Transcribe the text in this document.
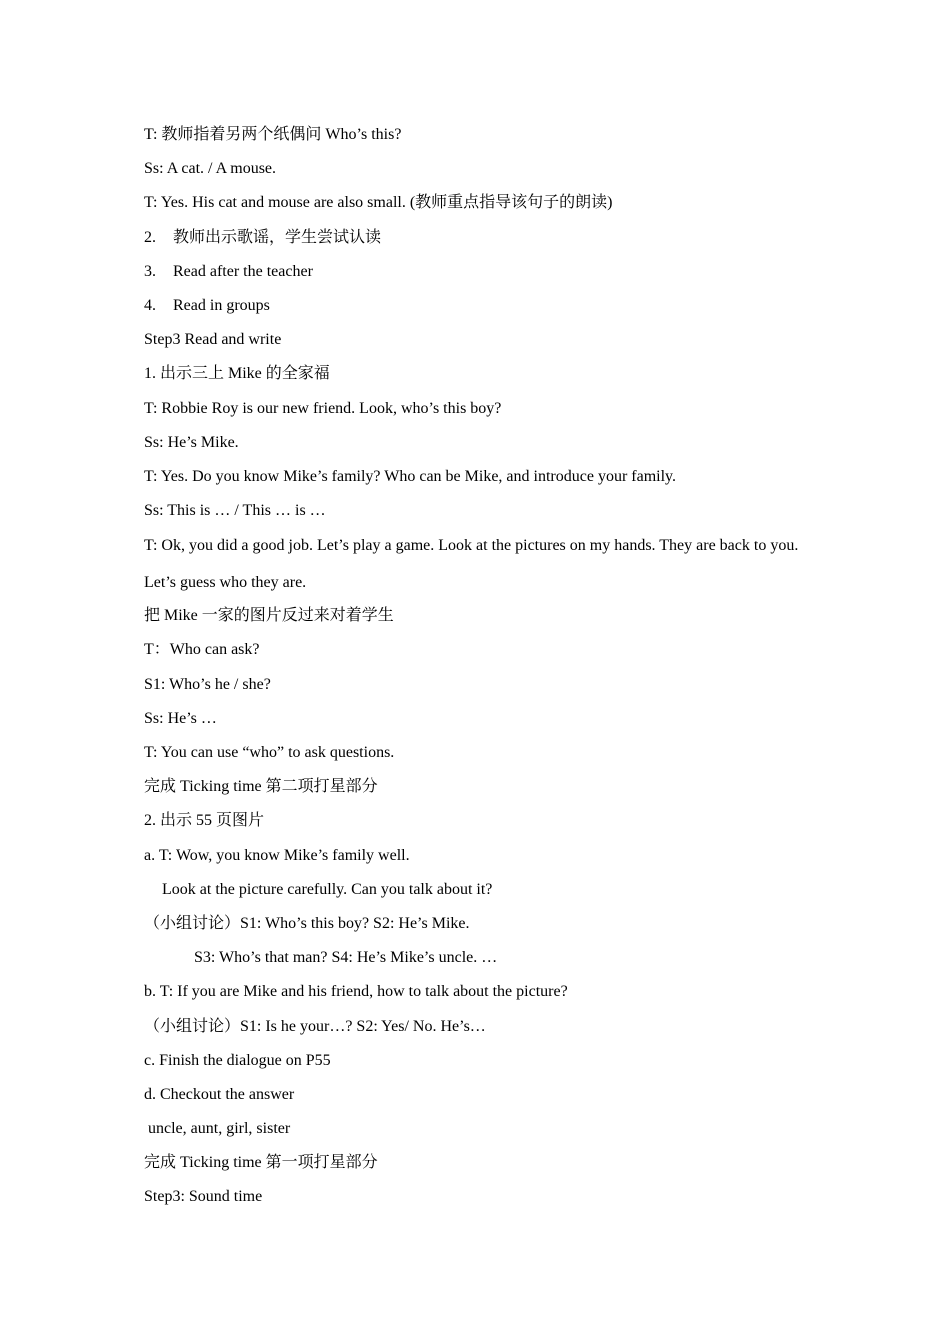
T: 教师指着另两个纸偶问 Who’s this?
Ss: A cat. / A mouse.
T: Yes. His cat and mouse are also small. (教师重点指导该句子的朗读)
2. 教师出示歌谣，学生尝试认读
3. Read after the teacher
4. Read in groups
Step3 Read and write
1. 出示三上 Mike 的全家福
T: Robbie Roy is our new friend. Look, who’s this boy?
Ss: He’s Mike.
T: Yes. Do you know Mike’s family? Who can be Mike, and introduce your family.
Ss: This is … / This … is …
T: Ok, you did a good job. Let’s play a game. Look at the pictures on my hands. They are back to you. Let’s guess who they are.
把 Mike 一家的图片反过来对着学生
T：Who can ask?
S1: Who’s he / she?
Ss: He’s …
T: You can use “who” to ask questions.
完成 Ticking time 第二项打星部分
2. 出示 55 页图片
a. T: Wow, you know Mike’s family well.
Look at the picture carefully. Can you talk about it?
（小组讨论）S1: Who’s this boy? S2: He’s Mike.
S3: Who’s that man? S4: He’s Mike’s uncle. …
b. T: If you are Mike and his friend, how to talk about the picture?
（小组讨论）S1: Is he your…? S2: Yes/ No. He’s…
c. Finish the dialogue on P55
d. Checkout the answer
uncle, aunt, girl, sister
完成 Ticking time 第一项打星部分
Step3: Sound time
